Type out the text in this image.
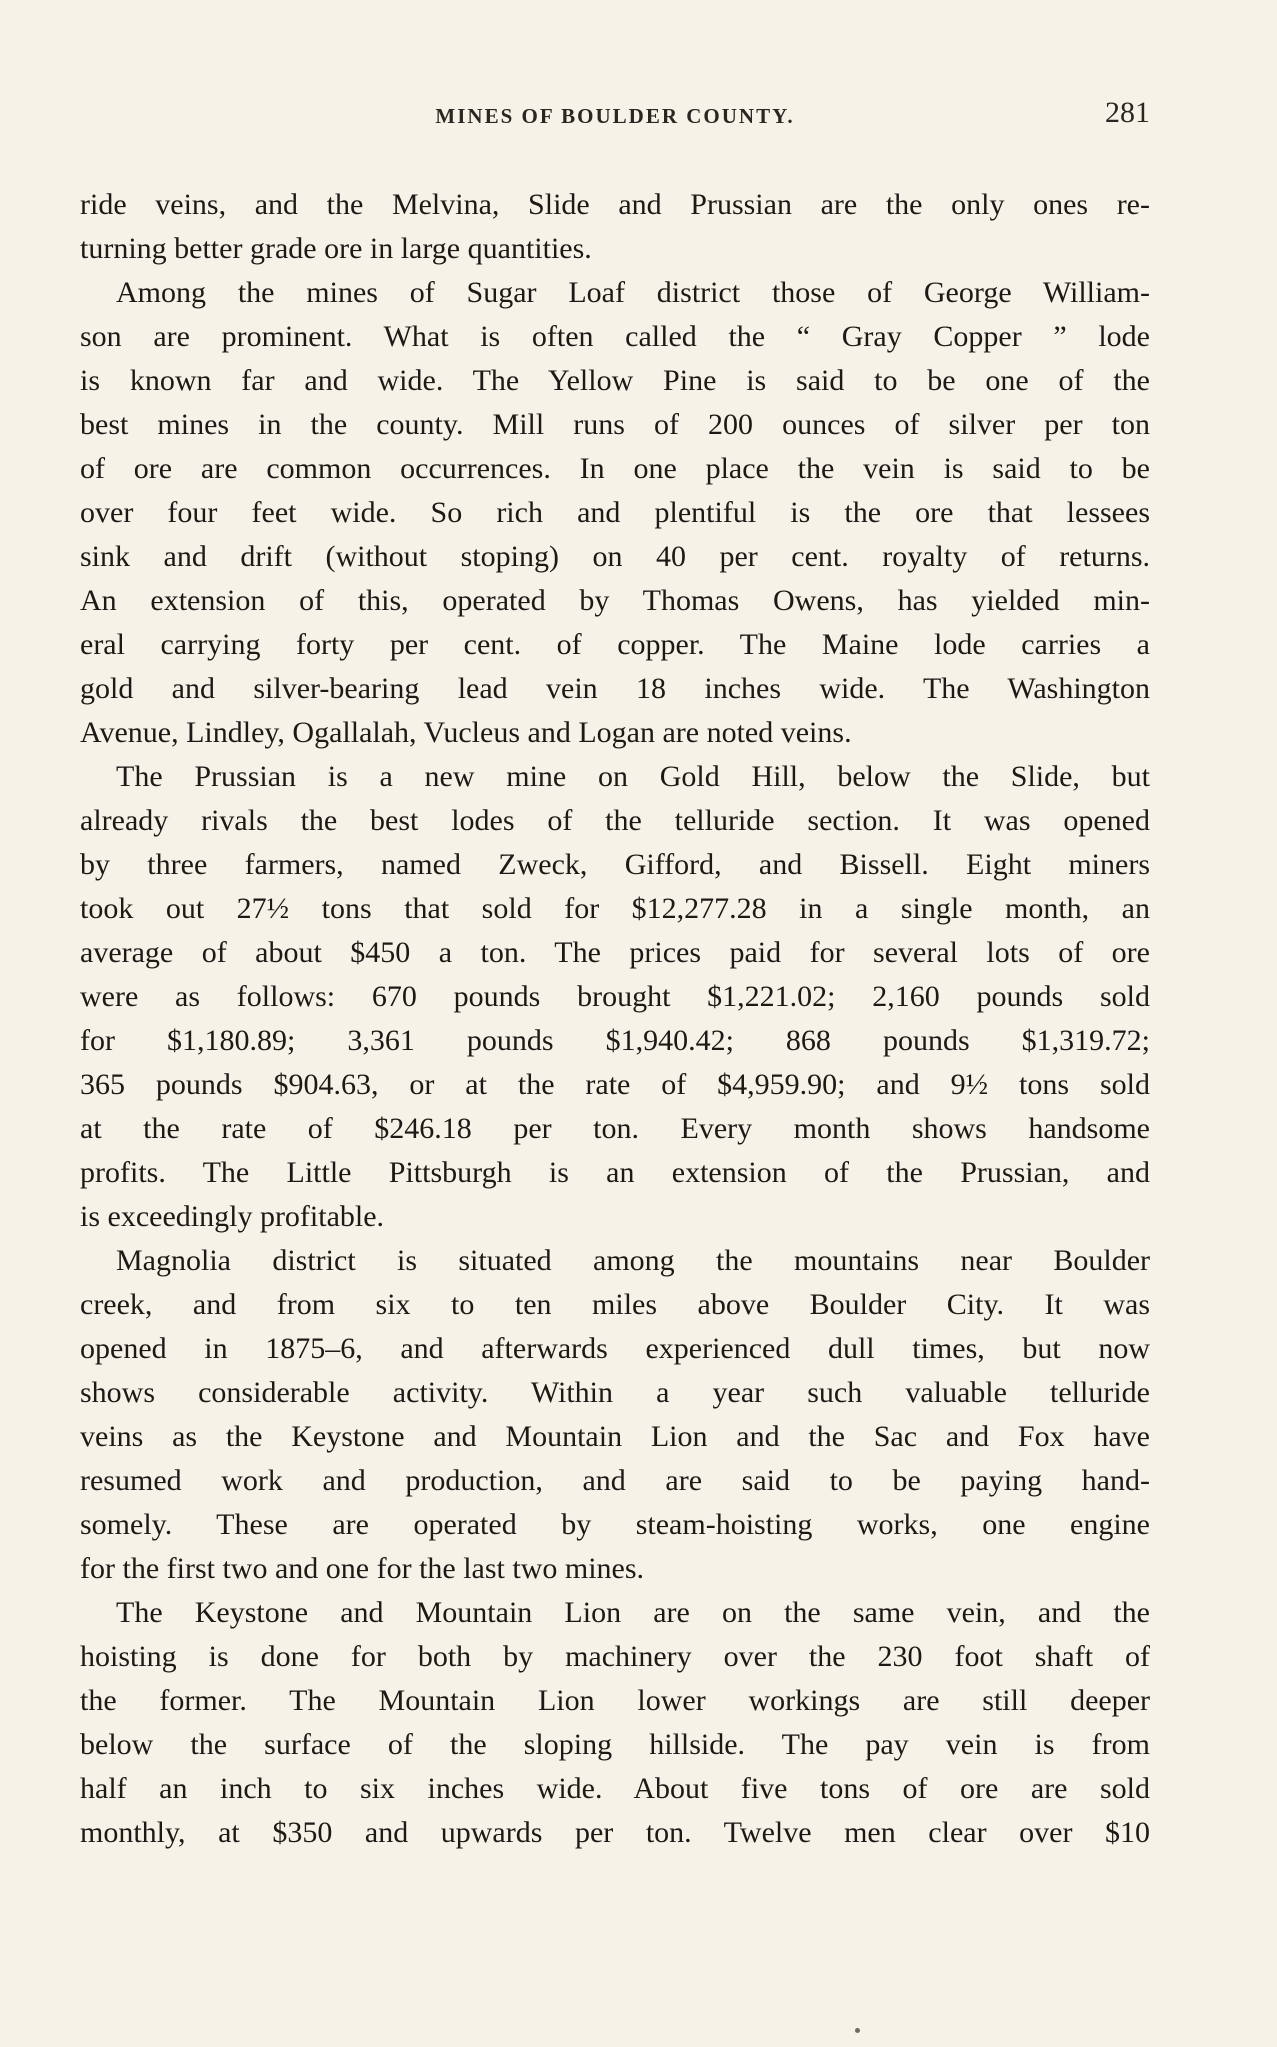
MINES OF BOULDER COUNTY.	281
ride veins, and the Melvina, Slide and Prussian are the only ones re-
turning better grade ore in large quantities.
Among the mines of Sugar Loaf district those of George William-
son are prominent. What is often called the “ Gray Copper ” lode
is known far and wide. The Yellow Pine is said to be one of the
best mines in the county. Mill runs of 200 ounces of silver per ton
of ore are common occurrences. In one place the vein is said to be
over four feet wide. So rich and plentiful is the ore that lessees
sink and drift (without stoping) on 40 per cent. royalty of returns.
An extension of this, operated by Thomas Owens, has yielded min-
eral carrying forty per cent. of copper. The Maine lode carries a
gold and silver-bearing lead vein 18 inches wide. The Washington
Avenue, Lindley, Ogallalah, Vucleus and Logan are noted veins.
The Prussian is a new mine on Gold Hill, below the Slide, but
already rivals the best lodes of the telluride section. It was opened
by three farmers, named Zweck, Gifford, and Bissell. Eight miners
took out 27½ tons that sold for $12,277.28 in a single month, an
average of about $450 a ton. The prices paid for several lots of ore
were as follows: 670 pounds brought $1,221.02; 2,160 pounds sold
for $1,180.89; 3,361 pounds $1,940.42; 868 pounds $1,319.72;
365 pounds $904.63, or at the rate of $4,959.90; and 9½ tons sold
at the rate of $246.18 per ton. Every month shows handsome
profits. The Little Pittsburgh is an extension of the Prussian, and
is exceedingly profitable.
Magnolia district is situated among the mountains near Boulder
creek, and from six to ten miles above Boulder City. It was
opened in 1875–6, and afterwards experienced dull times, but now
shows considerable activity. Within a year such valuable telluride
veins as the Keystone and Mountain Lion and the Sac and Fox have
resumed work and production, and are said to be paying hand-
somely. These are operated by steam-hoisting works, one engine
for the first two and one for the last two mines.
The Keystone and Mountain Lion are on the same vein, and the
hoisting is done for both by machinery over the 230 foot shaft of
the former. The Mountain Lion lower workings are still deeper
below the surface of the sloping hillside. The pay vein is from
half an inch to six inches wide. About five tons of ore are sold
monthly, at $350 and upwards per ton. Twelve men clear over $10
